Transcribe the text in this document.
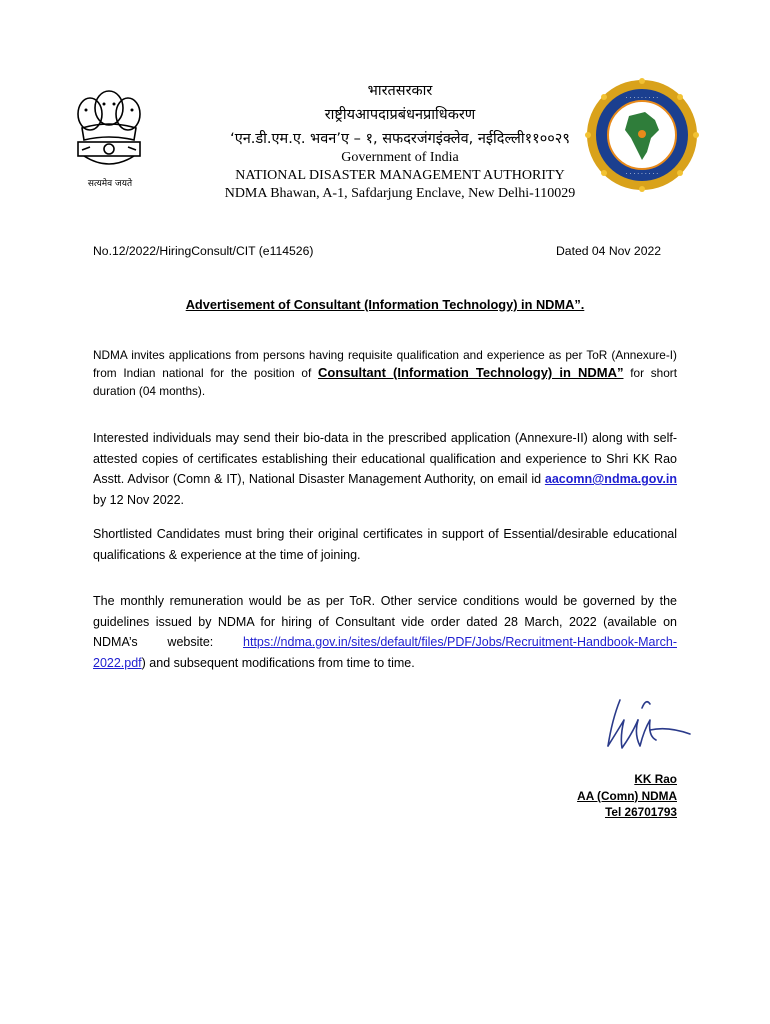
सत्यमेव जयते
भारतसरकार
राष्ट्रीयआपदाप्रबंधनप्राधिकरण
‘एन.डी.एम.ए. भवन’ए – १, सफदरजंगइंक्लेव, नईदिल्ली११००२९
Government of India
NATIONAL DISASTER MANAGEMENT AUTHORITY
NDMA Bhawan, A-1, Safdarjung Enclave, New Delhi-110029
· · · · · · · · ·
· · · · · · · · ·
No.12/2022/HiringConsult/CIT (e114526)	Dated 04 Nov 2022
Advertisement of Consultant (Information Technology) in NDMA”.
NDMA invites applications from persons having requisite qualification and experience as per ToR (Annexure-I) from Indian national for the position of Consultant (Information Technology) in NDMA” for short duration (04 months).
Interested individuals may send their bio-data in the prescribed application (Annexure-II) along with self-attested copies of certificates establishing their educational qualification and experience to Shri KK Rao Asstt. Advisor (Comn & IT), National Disaster Management Authority, on email id aacomn@ndma.gov.in by 12 Nov 2022.
Shortlisted Candidates must bring their original certificates in support of Essential/desirable educational qualifications & experience at the time of joining.
The monthly remuneration would be as per ToR. Other service conditions would be governed by the guidelines issued by NDMA for hiring of Consultant vide order dated 28 March, 2022 (available on NDMA’s website: https://ndma.gov.in/sites/default/files/PDF/Jobs/Recruitment-Handbook-March-2022.pdf) and subsequent modifications from time to time.
KK Rao
AA (Comn) NDMA
Tel 26701793
